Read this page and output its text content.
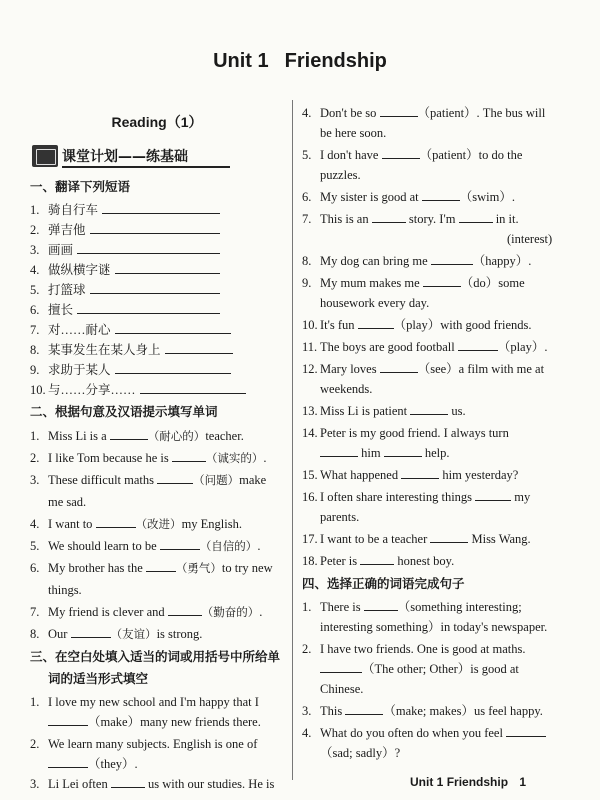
Unit 1 Friendship
Reading（1）
课堂计划——练基础
一、翻译下列短语
1. 骑自行车
2. 弹吉他
3. 画画
4. 做纵横字谜
5. 打篮球
6. 擅长
7. 对……耐心
8. 某事发生在某人身上
9. 求助于某人
10. 与……分享……
二、根据句意及汉语提示填写单词
1. Miss Li is a	（耐心的）teacher.
2. I like Tom because he is	（诚实的）.
3. These difficult maths	（问题）make
me sad.
4. I want to	（改进）my English.
5. We should learn to be	（自信的）.
6. My brother has the	（勇气）to try new
things.
7. My friend is clever and	（勤奋的）.
8. Our	（友谊）is strong.
三、在空白处填入适当的词或用括号中所给单
词的适当形式填空
1. I love my new school and I'm happy that I
（make）many new friends there.
2. We learn many subjects. English is one of
（they）.
3. Li Lei often	us with our studies. He is
4. Don't be so	（patient）. The bus will
be here soon.
5. I don't have	（patient）to do the
puzzles.
6. My sister is good at	（swim）.
7. This is an	story. I'm	in it.
(interest)
8. My dog can bring me	（happy）.
9. My mum makes me	（do）some
housework every day.
10. It's fun	（play）with good friends.
11. The boys are good football	（play）.
12. Mary loves	（see）a film with me at
weekends.
13. Miss Li is patient	us.
14. Peter is my good friend. I always turn
him	help.
15. What happened	him yesterday?
16. I often share interesting things	my
parents.
17. I want to be a teacher	Miss Wang.
18. Peter is	honest boy.
四、选择正确的词语完成句子
1. There is	（something interesting;
interesting something）in today's newspaper.
2. I have two friends. One is good at maths.
（The other; Other）is good at
Chinese.
3. This	（make; makes）us feel happy.
4. What do you often do when you feel
（sad; sadly）?
Unit 1 Friendship 1
